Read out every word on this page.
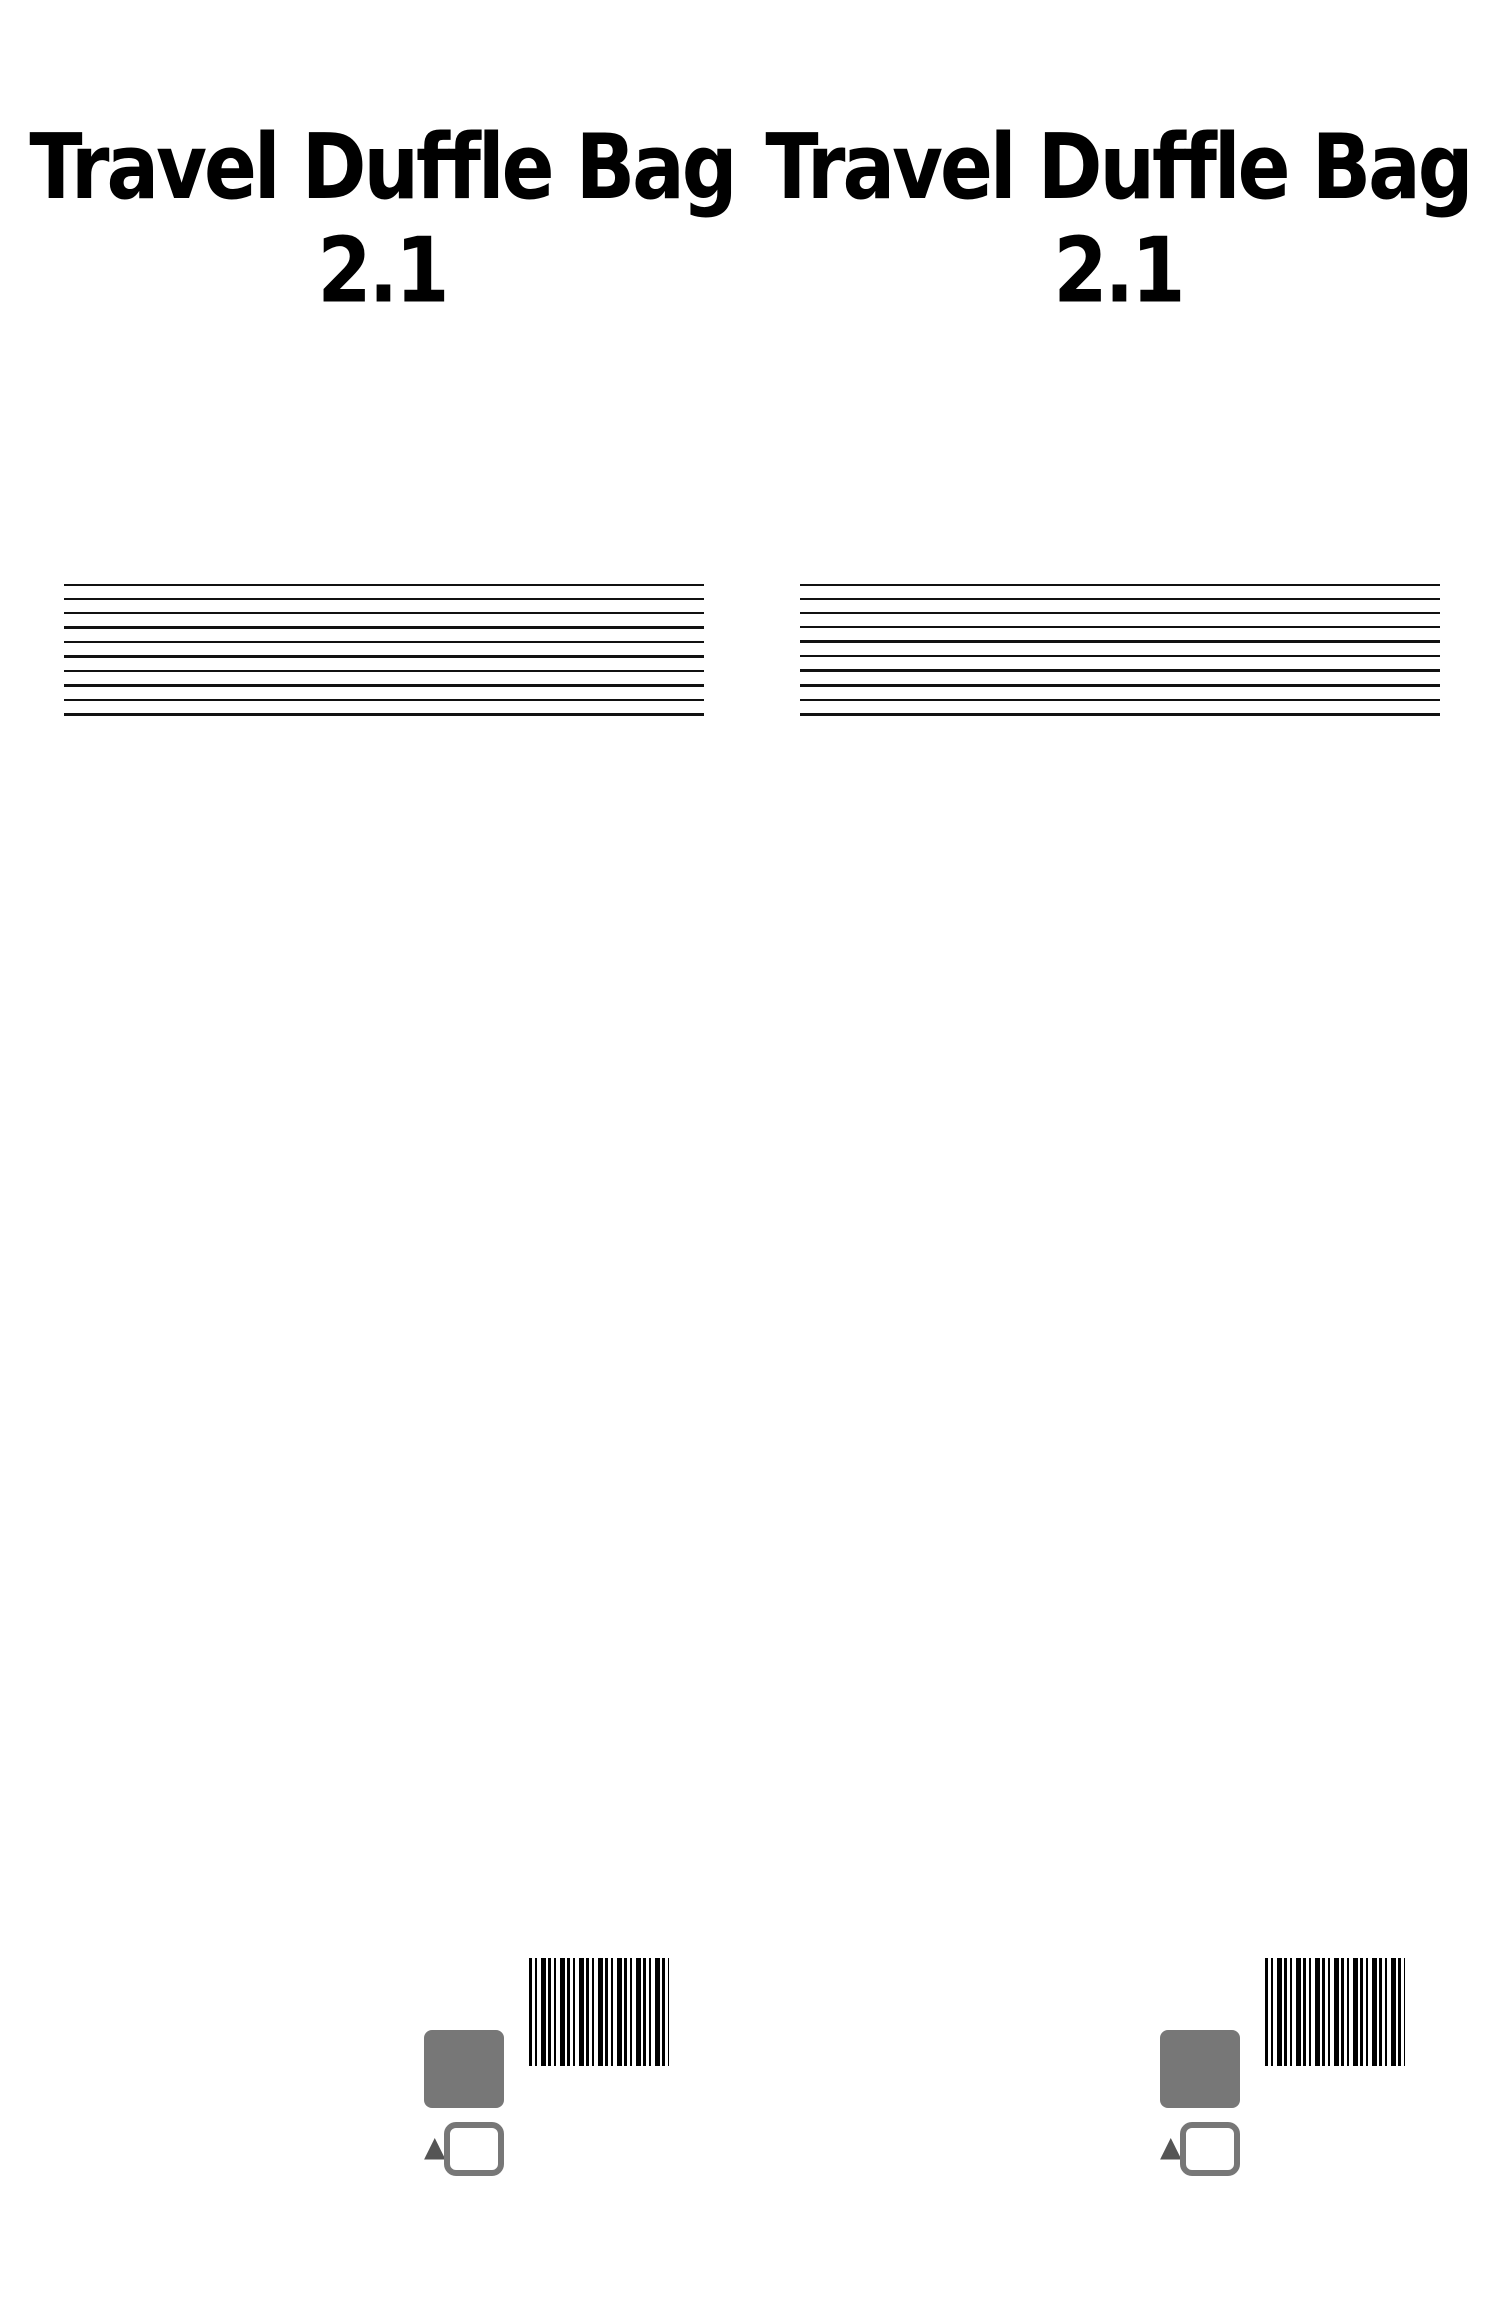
Travel Duffle Bag 2.1

▲
Travel Duffle Bag 2.1

▲
